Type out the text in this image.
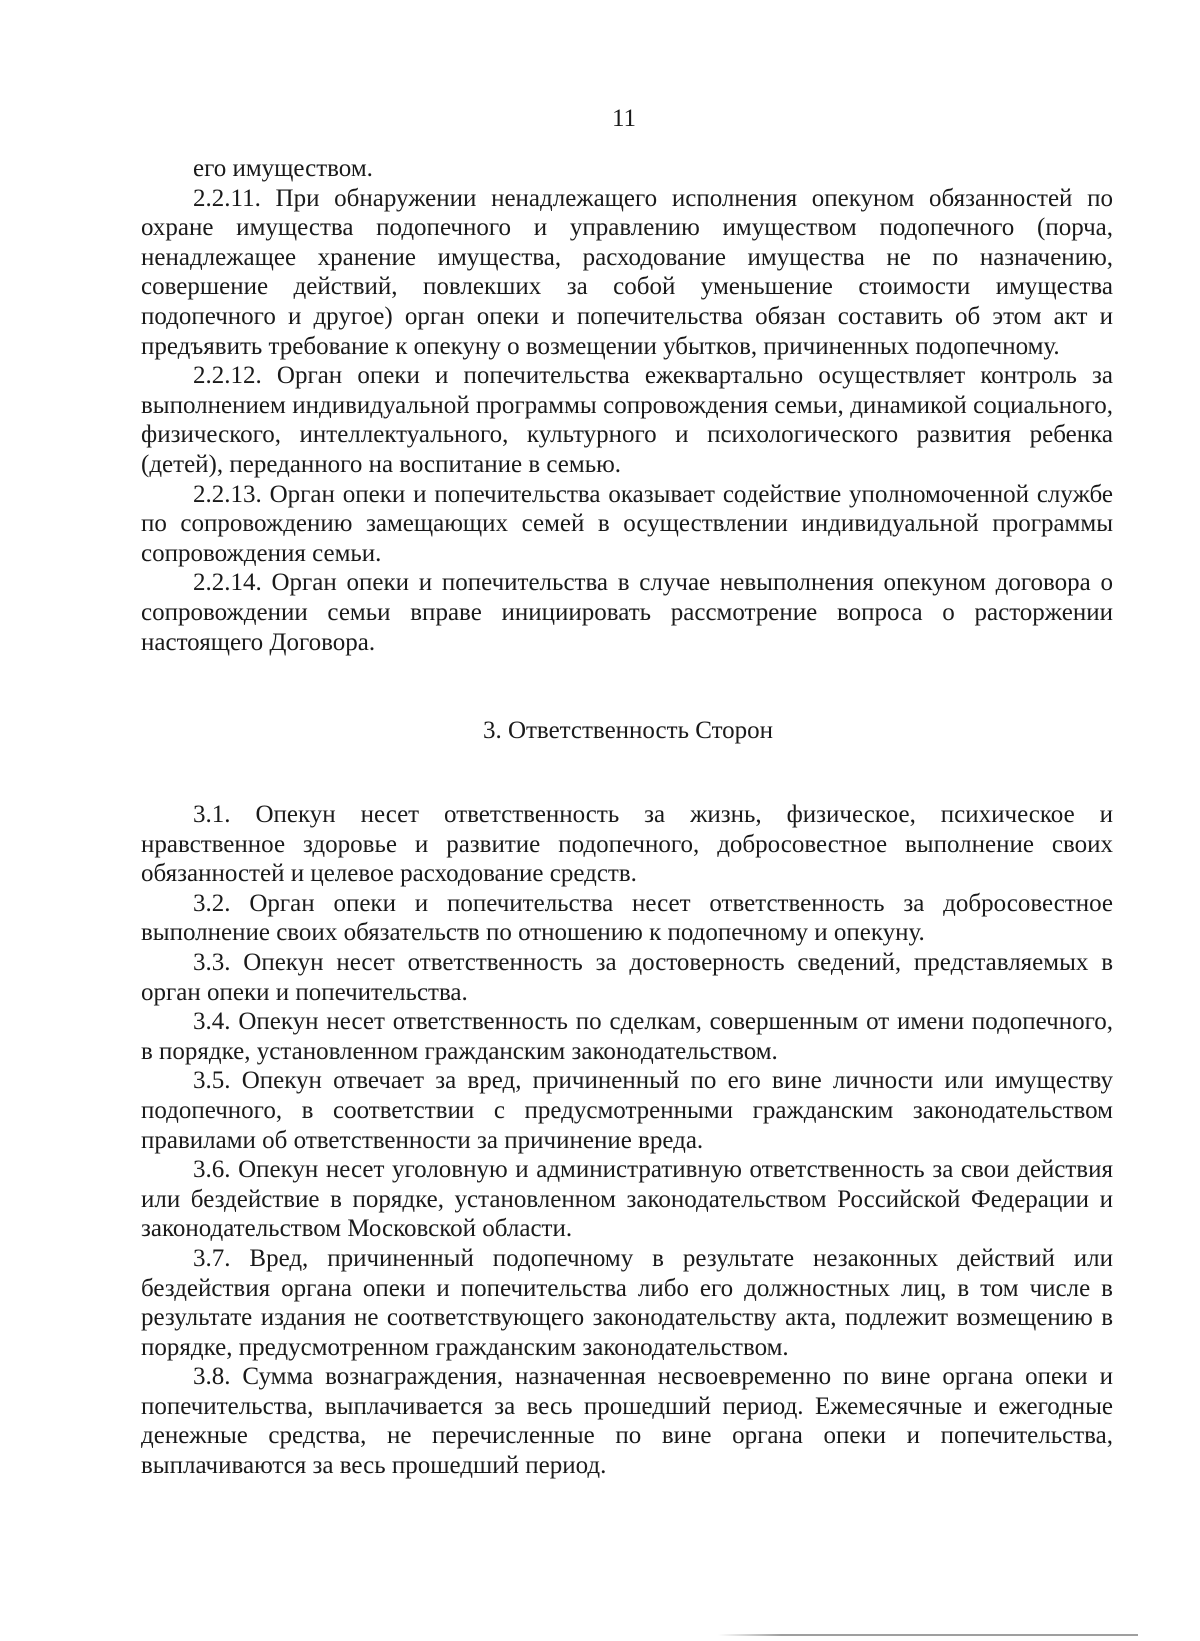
11

его имуществом.

2.2.11. При обнаружении ненадлежащего исполнения опекуном обязанностей по охране имущества подопечного и управлению имуществом подопечного (порча, ненадлежащее хранение имущества, расходование имущества не по назначению, совершение действий, повлекших за собой уменьшение стоимости имущества подопечного и другое) орган опеки и попечительства обязан составить об этом акт и предъявить требование к опекуну о возмещении убытков, причиненных подопечному.

2.2.12. Орган опеки и попечительства ежеквартально осуществляет контроль за выполнением индивидуальной программы сопровождения семьи, динамикой социального, физического, интеллектуального, культурного и психологического развития ребенка (детей), переданного на воспитание в семью.

2.2.13. Орган опеки и попечительства оказывает содействие уполномоченной службе по сопровождению замещающих семей в осуществлении индивидуальной программы сопровождения семьи.

2.2.14. Орган опеки и попечительства в случае невыполнения опекуном договора о сопровождении семьи вправе инициировать рассмотрение вопроса о расторжении настоящего Договора.

3. Ответственность Сторон

3.1. Опекун несет ответственность за жизнь, физическое, психическое и нравственное здоровье и развитие подопечного, добросовестное выполнение своих обязанностей и целевое расходование средств.

3.2. Орган опеки и попечительства несет ответственность за добросовестное выполнение своих обязательств по отношению к подопечному и опекуну.

3.3. Опекун несет ответственность за достоверность сведений, представляемых в орган опеки и попечительства.

3.4. Опекун несет ответственность по сделкам, совершенным от имени подопечного, в порядке, установленном гражданским законодательством.

3.5. Опекун отвечает за вред, причиненный по его вине личности или имуществу подопечного, в соответствии с предусмотренными гражданским законодательством правилами об ответственности за причинение вреда.

3.6. Опекун несет уголовную и административную ответственность за свои действия или бездействие в порядке, установленном законодательством Российской Федерации и законодательством Московской области.

3.7. Вред, причиненный подопечному в результате незаконных действий или бездействия органа опеки и попечительства либо его должностных лиц, в том числе в результате издания не соответствующего законодательству акта, подлежит возмещению в порядке, предусмотренном гражданским законодательством.

3.8. Сумма вознаграждения, назначенная несвоевременно по вине органа опеки и попечительства, выплачивается за весь прошедший период. Ежемесячные и ежегодные денежные средства, не перечисленные по вине органа опеки и попечительства, выплачиваются за весь прошедший период.
